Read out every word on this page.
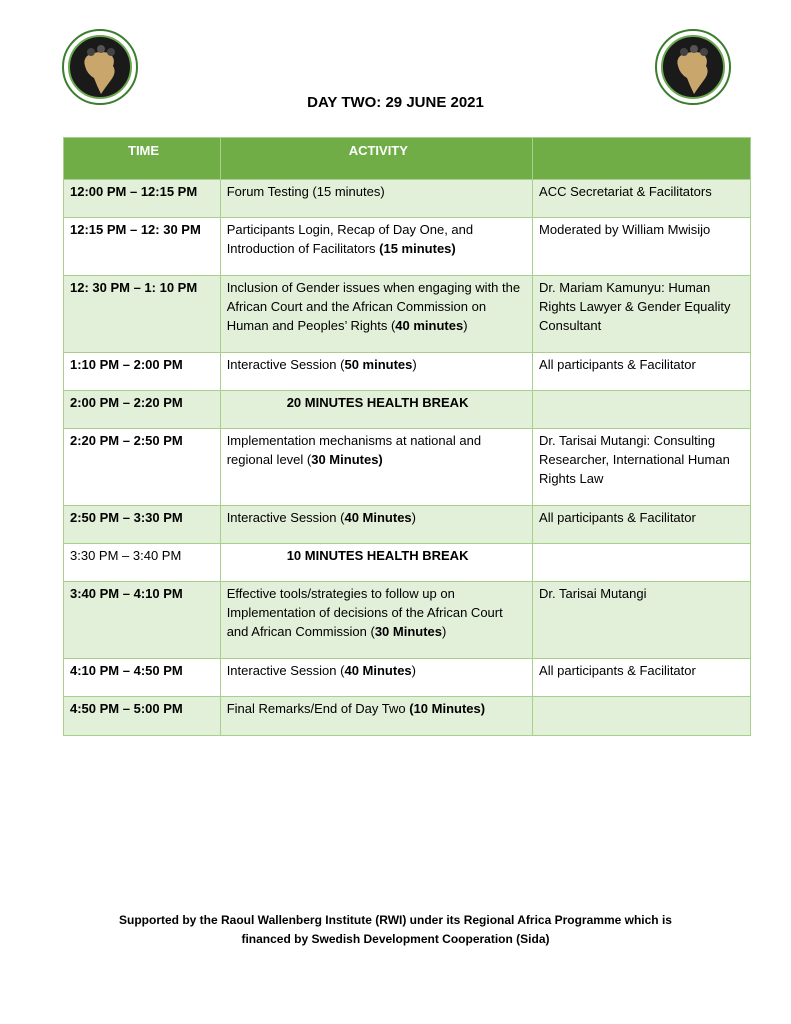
DAY TWO: 29 JUNE 2021
TIME	ACTIVITY	
12:00 PM – 12:15 PM	Forum Testing (15 minutes)	ACC Secretariat & Facilitators
12:15 PM – 12: 30 PM	Participants Login, Recap of Day One, and Introduction of Facilitators (15 minutes)	Moderated by William Mwisijo
12: 30 PM – 1: 10 PM	Inclusion of Gender issues when engaging with the African Court and the African Commission on Human and Peoples’ Rights (40 minutes)	Dr. Mariam Kamunyu: Human Rights Lawyer & Gender Equality Consultant
1:10 PM – 2:00 PM	Interactive Session (50 minutes)	All participants & Facilitator
2:00 PM – 2:20 PM	20 MINUTES HEALTH BREAK	

2:20 PM – 2:50 PM	Implementation mechanisms at national and regional level (30 Minutes)	Dr. Tarisai Mutangi: Consulting Researcher, International Human Rights Law
2:50 PM – 3:30 PM	Interactive Session (40 Minutes)	All participants & Facilitator
3:30 PM – 3:40 PM	10 MINUTES HEALTH BREAK	

3:40 PM – 4:10 PM	Effective tools/strategies to follow up on Implementation of decisions of the African Court and African Commission (30 Minutes)	Dr. Tarisai Mutangi
4:10 PM – 4:50 PM	Interactive Session (40 Minutes)	All participants & Facilitator
4:50 PM – 5:00 PM	Final Remarks/End of Day Two (10 Minutes)	
Supported by the Raoul Wallenberg Institute (RWI) under its Regional Africa Programme which is
financed by Swedish Development Cooperation (Sida)
